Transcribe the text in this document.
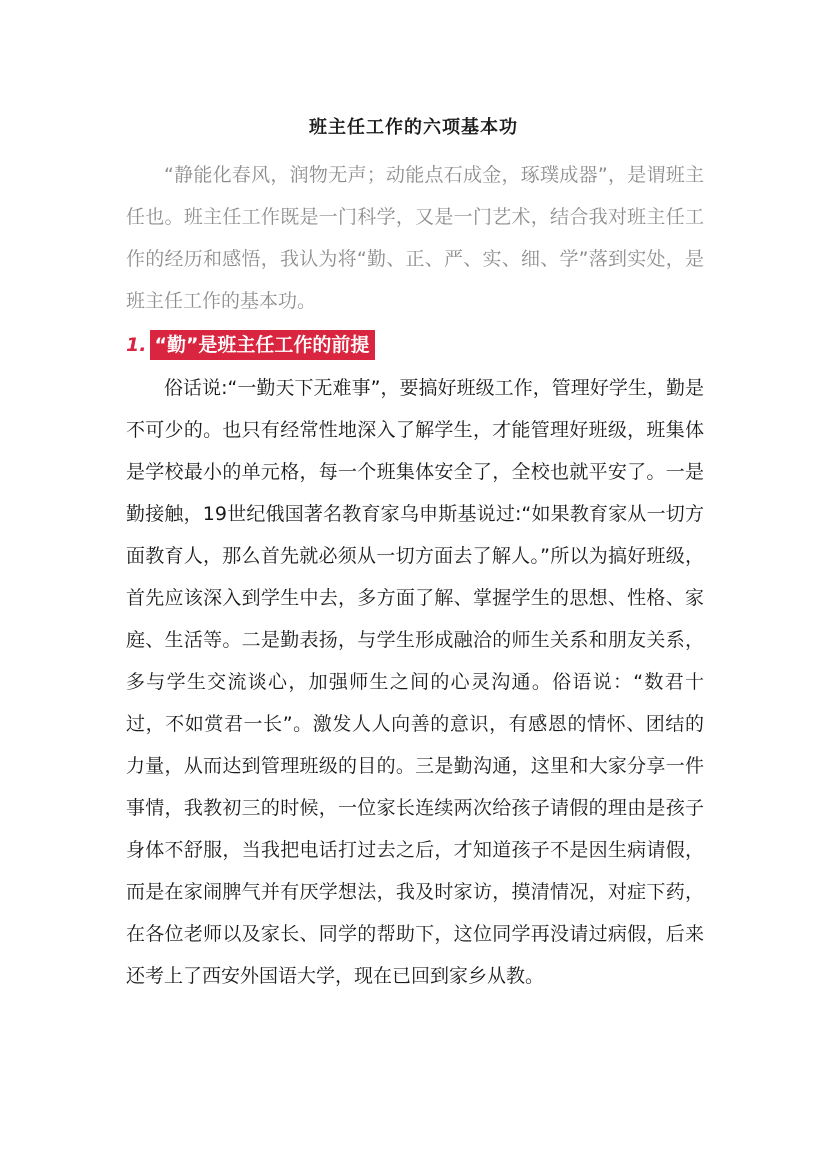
班主任工作的六项基本功

“静能化春风，润物无声；动能点石成金，琢璞成器”，是谓班主任也。班主任工作既是一门科学，又是一门艺术，结合我对班主任工作的经历和感悟，我认为将“勤、正、严、实、细、学”落到实处，是班主任工作的基本功。

1. “勤”是班主任工作的前提

俗话说:“一勤天下无难事”，要搞好班级工作，管理好学生，勤是不可少的。也只有经常性地深入了解学生，才能管理好班级，班集体是学校最小的单元格，每一个班集体安全了，全校也就平安了。一是勤接触，19世纪俄国著名教育家乌申斯基说过:“如果教育家从一切方面教育人，那么首先就必须从一切方面去了解人。”所以为搞好班级，首先应该深入到学生中去，多方面了解、掌握学生的思想、性格、家庭、生活等。二是勤表扬，与学生形成融洽的师生关系和朋友关系，多与学生交流谈心，加强师生之间的心灵沟通。俗语说：“数君十过，不如赏君一长”。激发人人向善的意识，有感恩的情怀、团结的力量，从而达到管理班级的目的。三是勤沟通，这里和大家分享一件事情，我教初三的时候，一位家长连续两次给孩子请假的理由是孩子身体不舒服，当我把电话打过去之后，才知道孩子不是因生病请假，而是在家闹脾气并有厌学想法，我及时家访，摸清情况，对症下药，在各位老师以及家长、同学的帮助下，这位同学再没请过病假，后来还考上了西安外国语大学，现在已回到家乡从教。
